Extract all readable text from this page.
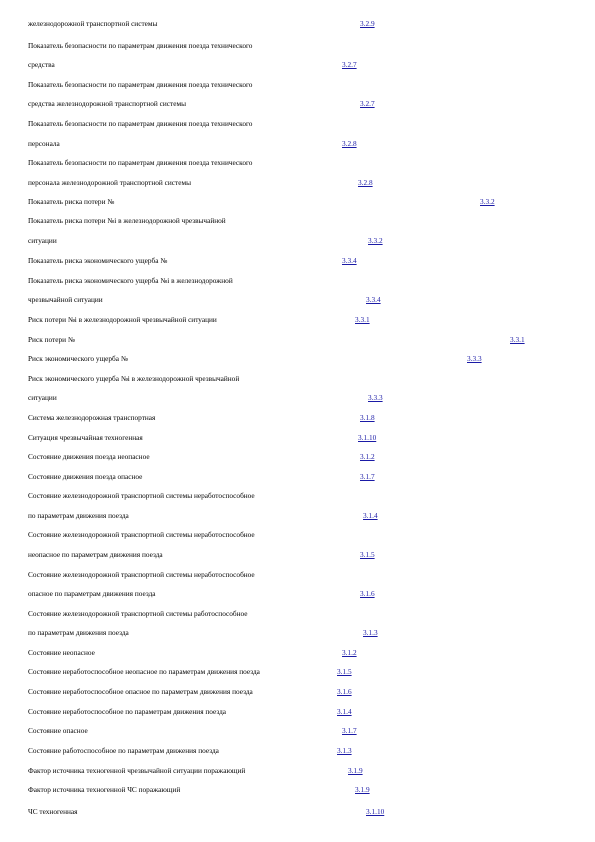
железнодорожной транспортной системы	3.2.9
Показатель безопасности по параметрам движения поезда технического
средства	3.2.7
Показатель безопасности по параметрам движения поезда технического
средства железнодорожной транспортной системы	3.2.7
Показатель безопасности по параметрам движения поезда технического
персонала	3.2.8
Показатель безопасности по параметрам движения поезда технического
персонала железнодорожной транспортной системы	3.2.8
Показатель риска потери №	3.3.2
Показатель риска потери №i в железнодорожной чрезвычайной
ситуации	3.3.2
Показатель риска экономического ущерба №	3.3.4
Показатель риска экономического ущерба №i в железнодорожной
чрезвычайной ситуации	3.3.4
Риск потери №i в железнодорожной чрезвычайной ситуации	3.3.1
Риск потери №	3.3.1
Риск экономического ущерба №	3.3.3
Риск экономического ущерба №i в железнодорожной чрезвычайной
ситуации	3.3.3
Система железнодорожная транспортная	3.1.8
Ситуация чрезвычайная техногенная	3.1.10
Состояние движения поезда неопасное	3.1.2
Состояние движения поезда опасное	3.1.7
Состояние железнодорожной транспортной системы неработоспособное
по параметрам движения поезда	3.1.4
Состояние железнодорожной транспортной системы неработоспособное
неопасное по параметрам движения поезда	3.1.5
Состояние железнодорожной транспортной системы неработоспособное
опасное по параметрам движения поезда	3.1.6
Состояние железнодорожной транспортной системы работоспособное
по параметрам движения поезда	3.1.3
Состояние неопасное	3.1.2
Состояние неработоспособное неопасное по параметрам движения поезда	3.1.5
Состояние неработоспособное опасное по параметрам движения поезда	3.1.6
Состояние неработоспособное по параметрам движения поезда	3.1.4
Состояние опасное	3.1.7
Состояние работоспособное по параметрам движения поезда	3.1.3
Фактор источника техногенной чрезвычайной ситуации поражающий	3.1.9
Фактор источника техногенной ЧС поражающий	3.1.9
ЧС техногенная	3.1.10
